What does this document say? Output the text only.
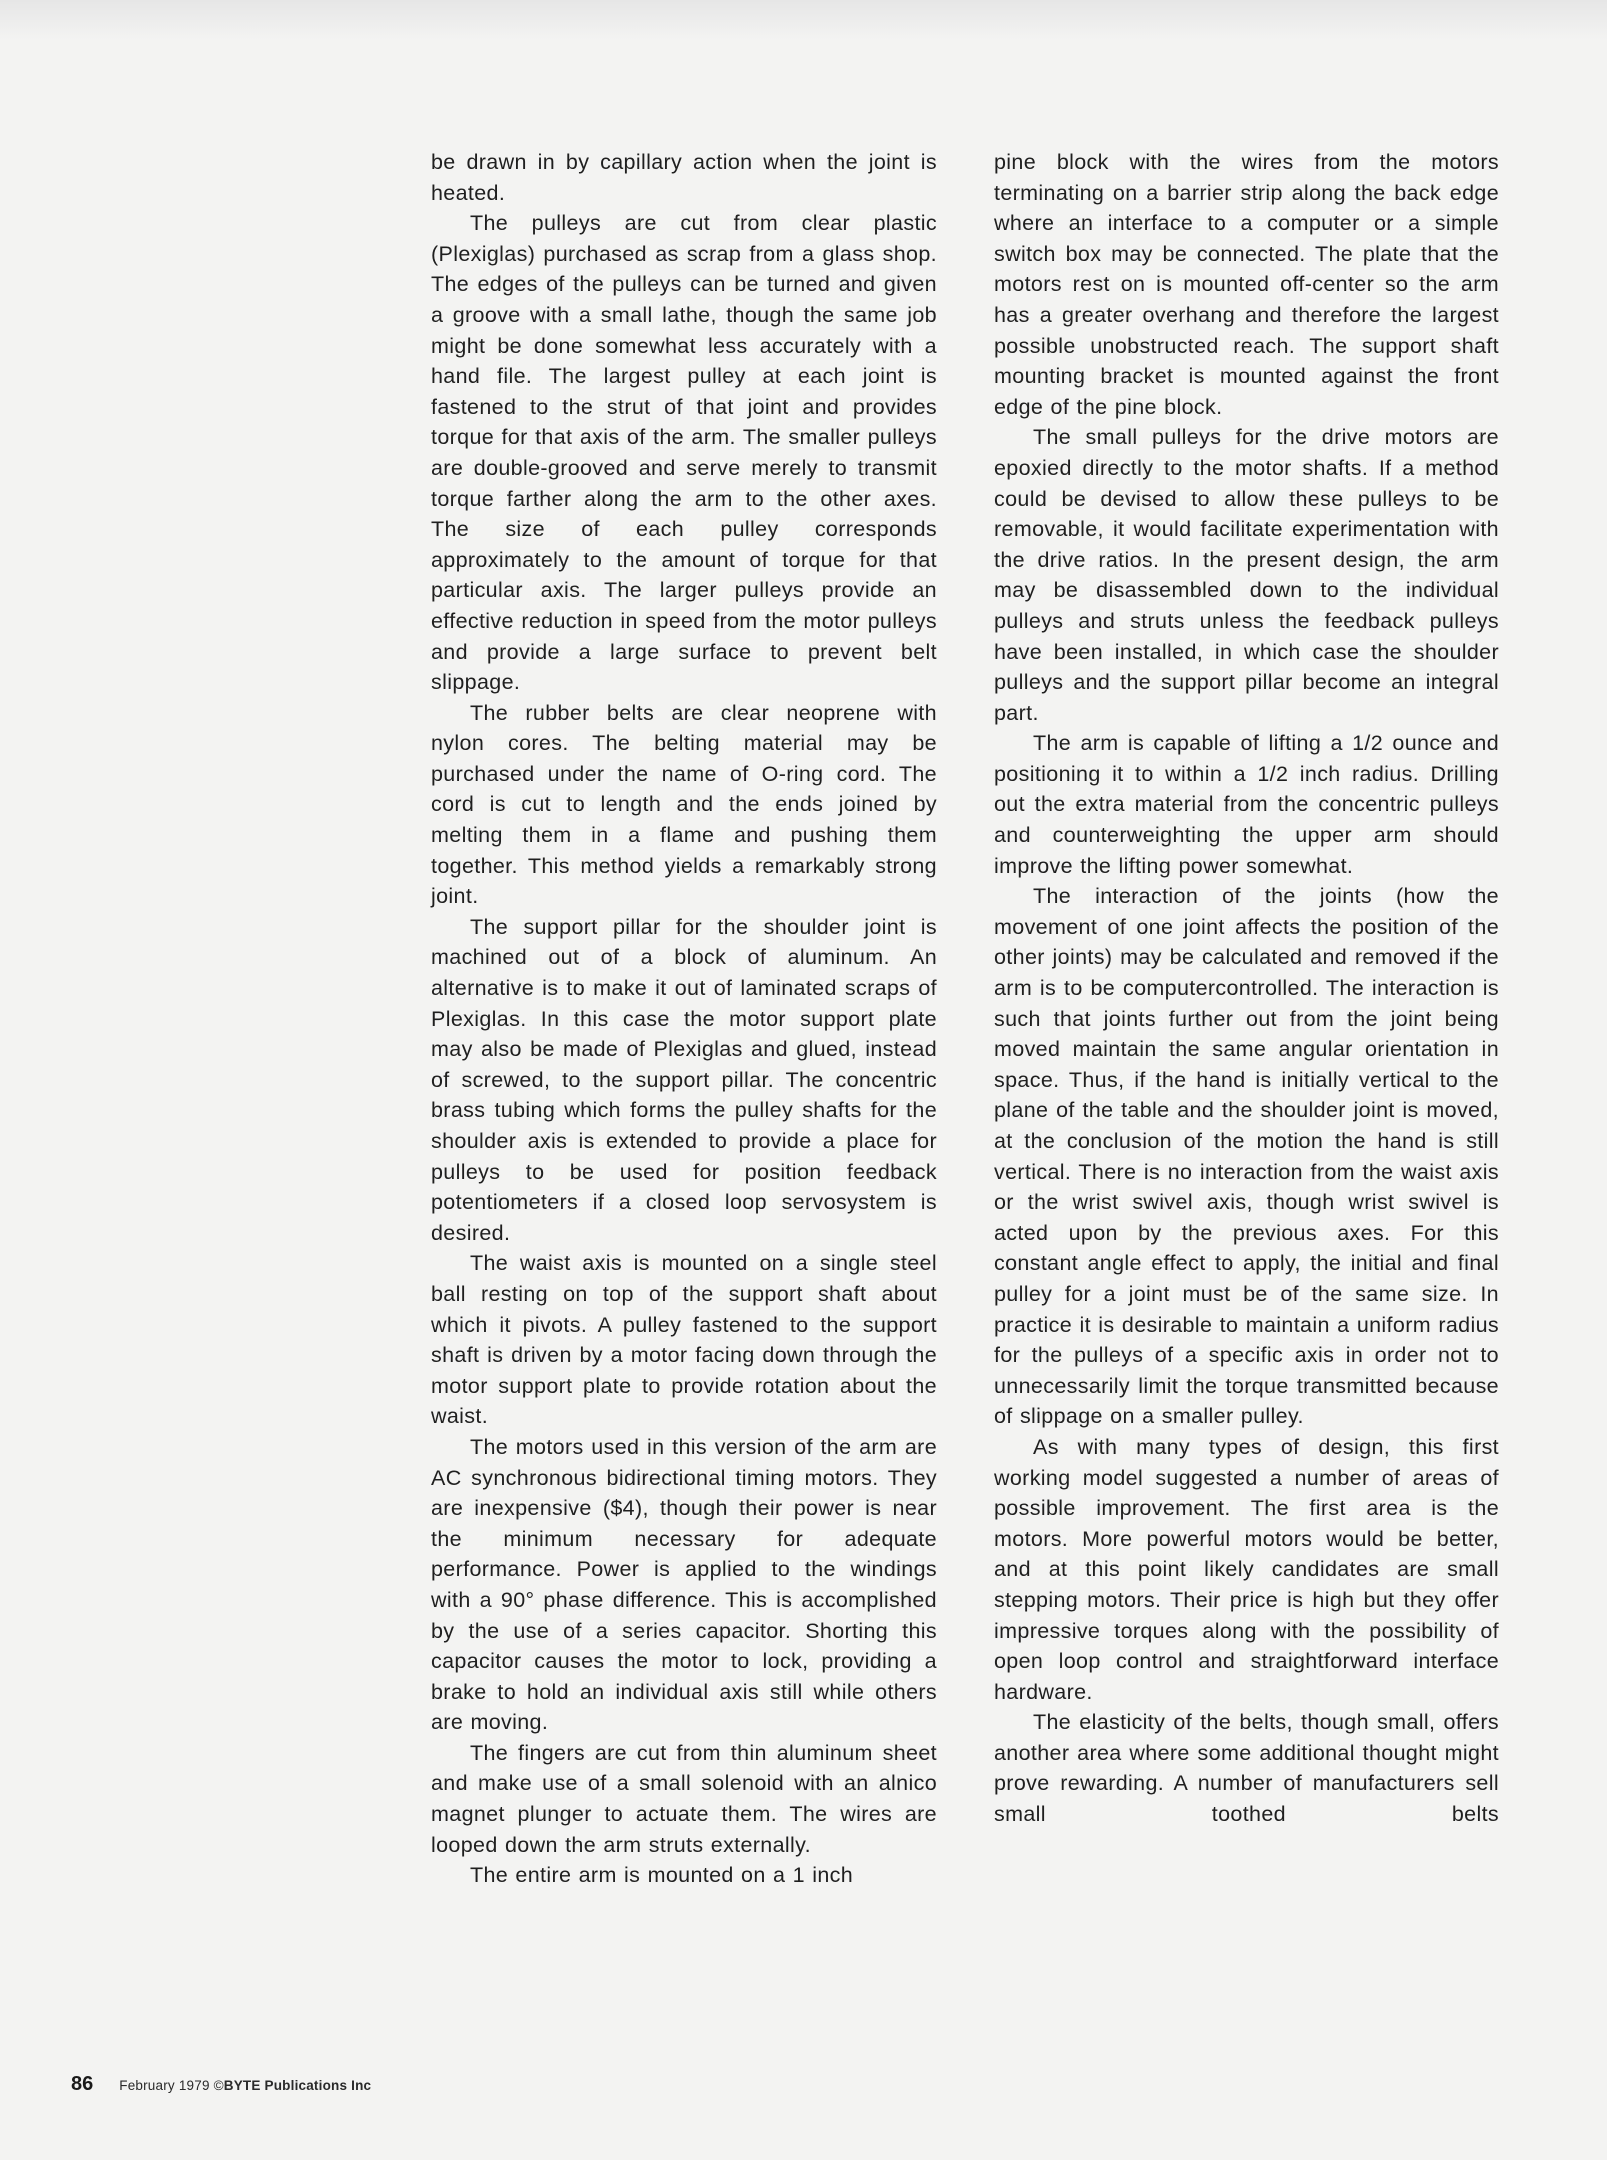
be drawn in by capillary action when the joint is heated.

The pulleys are cut from clear plastic (Plexiglas) purchased as scrap from a glass shop. The edges of the pulleys can be turned and given a groove with a small lathe, though the same job might be done somewhat less accurately with a hand file. The largest pulley at each joint is fastened to the strut of that joint and provides torque for that axis of the arm. The smaller pulleys are double-grooved and serve merely to transmit torque farther along the arm to the other axes. The size of each pulley corresponds approximately to the amount of torque for that particular axis. The larger pulleys provide an effective reduction in speed from the motor pulleys and provide a large surface to prevent belt slippage.

The rubber belts are clear neoprene with nylon cores. The belting material may be purchased under the name of O-ring cord. The cord is cut to length and the ends joined by melting them in a flame and pushing them together. This method yields a remarkably strong joint.

The support pillar for the shoulder joint is machined out of a block of aluminum. An alternative is to make it out of laminated scraps of Plexiglas. In this case the motor support plate may also be made of Plexiglas and glued, instead of screwed, to the support pillar. The concentric brass tubing which forms the pulley shafts for the shoulder axis is extended to provide a place for pulleys to be used for position feedback potentiometers if a closed loop servosystem is desired.

The waist axis is mounted on a single steel ball resting on top of the support shaft about which it pivots. A pulley fastened to the support shaft is driven by a motor facing down through the motor support plate to provide rotation about the waist.

The motors used in this version of the arm are AC synchronous bidirectional timing motors. They are inexpensive ($4), though their power is near the minimum necessary for adequate performance. Power is applied to the windings with a 90° phase difference. This is accomplished by the use of a series capacitor. Shorting this capacitor causes the motor to lock, providing a brake to hold an individual axis still while others are moving.

The fingers are cut from thin aluminum sheet and make use of a small solenoid with an alnico magnet plunger to actuate them. The wires are looped down the arm struts externally.

The entire arm is mounted on a 1 inch

pine block with the wires from the motors terminating on a barrier strip along the back edge where an interface to a computer or a simple switch box may be connected. The plate that the motors rest on is mounted off-center so the arm has a greater overhang and therefore the largest possible unobstructed reach. The support shaft mounting bracket is mounted against the front edge of the pine block.

The small pulleys for the drive motors are epoxied directly to the motor shafts. If a method could be devised to allow these pulleys to be removable, it would facilitate experimentation with the drive ratios. In the present design, the arm may be disassembled down to the individual pulleys and struts unless the feedback pulleys have been installed, in which case the shoulder pulleys and the support pillar become an integral part.

The arm is capable of lifting a 1/2 ounce and positioning it to within a 1/2 inch radius. Drilling out the extra material from the concentric pulleys and counterweighting the upper arm should improve the lifting power somewhat.

The interaction of the joints (how the movement of one joint affects the position of the other joints) may be calculated and removed if the arm is to be computercontrolled. The interaction is such that joints further out from the joint being moved maintain the same angular orientation in space. Thus, if the hand is initially vertical to the plane of the table and the shoulder joint is moved, at the conclusion of the motion the hand is still vertical. There is no interaction from the waist axis or the wrist swivel axis, though wrist swivel is acted upon by the previous axes. For this constant angle effect to apply, the initial and final pulley for a joint must be of the same size. In practice it is desirable to maintain a uniform radius for the pulleys of a specific axis in order not to unnecessarily limit the torque transmitted because of slippage on a smaller pulley.

As with many types of design, this first working model suggested a number of areas of possible improvement. The first area is the motors. More powerful motors would be better, and at this point likely candidates are small stepping motors. Their price is high but they offer impressive torques along with the possibility of open loop control and straightforward interface hardware.

The elasticity of the belts, though small, offers another area where some additional thought might prove rewarding. A number of manufacturers sell small toothed belts

86 February 1979 ©BYTE Publications Inc
